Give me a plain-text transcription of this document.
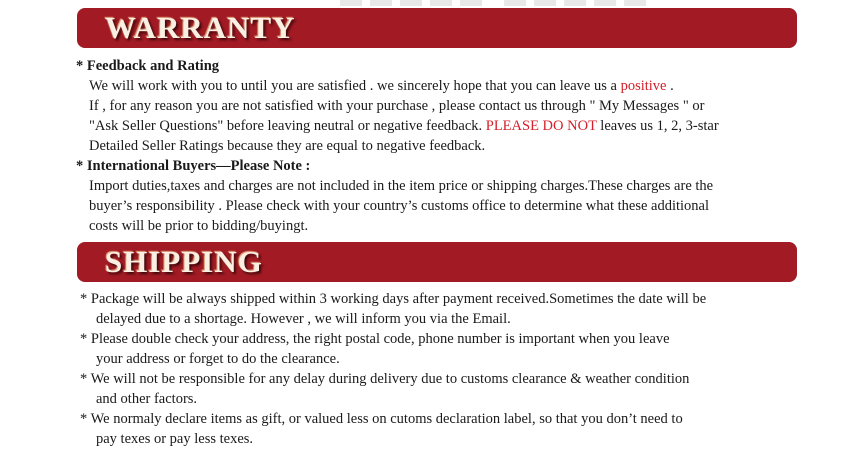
WARRANTY
* Feedback and Rating
We will work with you to until you are satisfied . we sincerely hope that you can leave us a positive .
If , for any reason you are not satisfied with your purchase , please contact us through " My Messages " or
"Ask Seller Questions" before leaving neutral or negative feedback. PLEASE DO NOT leaves us 1, 2, 3-star
Detailed Seller Ratings because they are equal to negative feedback.
* International Buyers—Please Note :
Import duties,taxes and charges are not included in the item price or shipping charges.These charges are the
buyer’s responsibility . Please check with your country’s customs office to determine what these additional
costs will be prior to bidding/buyingt.
SHIPPING
* Package will be always shipped within 3 working days after payment received.Sometimes the date will be
delayed due to a shortage. However , we will inform you via the Email.
* Please double check your address, the right postal code, phone number is important when you leave
your address or forget to do the clearance.
* We will not be responsible for any delay during delivery due to customs clearance & weather condition
and other factors.
* We normaly declare items as gift, or valued less on cutoms declaration label, so that you don’t need to
pay texes or pay less texes.
